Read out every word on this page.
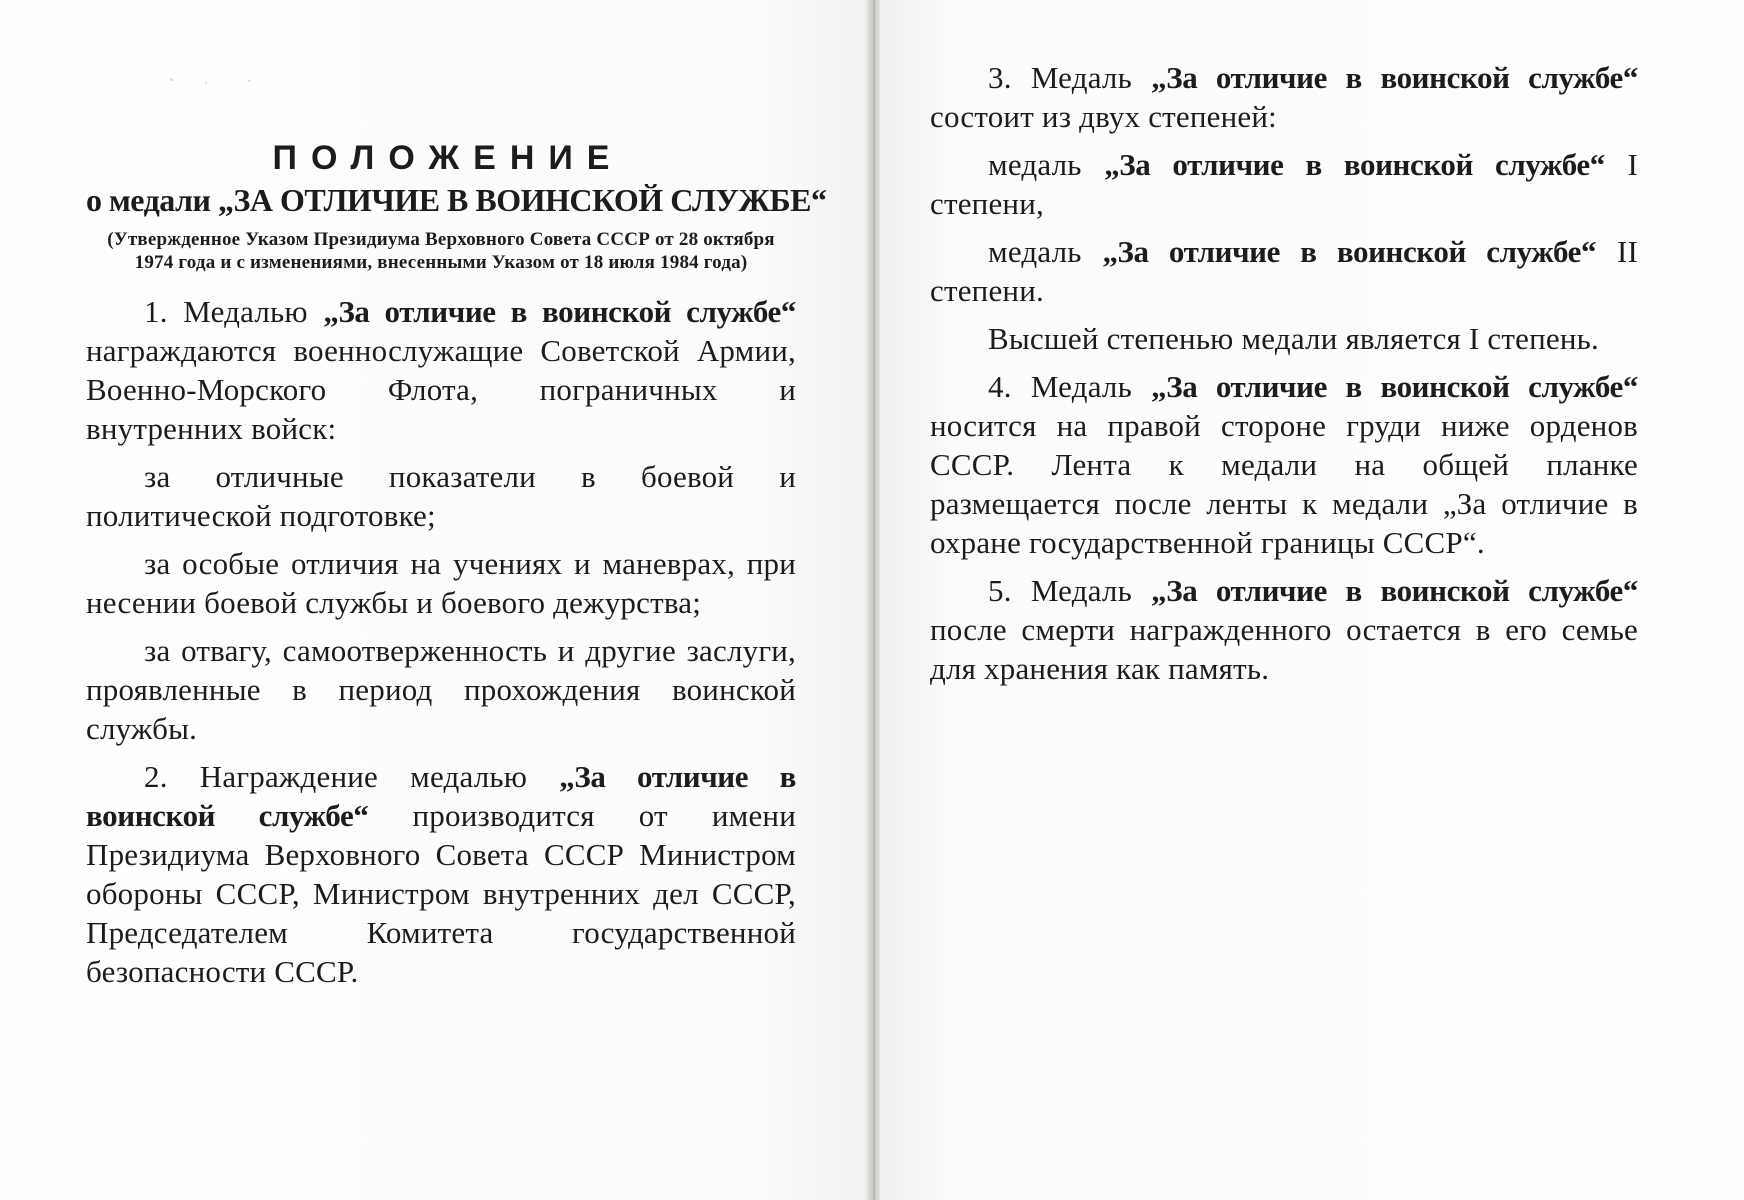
ПОЛОЖЕНИЕ
о медали „ЗА ОТЛИЧИЕ В ВОИНСКОЙ СЛУЖБЕ“
(Утвержденное Указом Президиума Верховного Совета СССР от 28 октября 1974 года и с изменениями, внесенными Указом от 18 июля 1984 года)

1. Медалью „За отличие в воинской службе“ награждаются военнослужащие Советской Армии, Военно-Морского Флота, пограничных и внутренних войск:

за отличные показатели в боевой и политической подготовке;

за особые отличия на учениях и маневрах, при несении боевой службы и боевого дежурства;

за отвагу, самоотверженность и другие заслуги, проявленные в период прохождения воинской службы.

2. Награждение медалью „За отличие в воинской службе“ производится от имени Президиума Верховного Совета СССР Министром обороны СССР, Министром внутренних дел СССР, Председателем Комитета государственной безопасности СССР.

3. Медаль „За отличие в воинской службе“ состоит из двух степеней:

медаль „За отличие в воинской службе“ I степени,

медаль „За отличие в воинской службе“ II степени.

Высшей степенью медали является I степень.

4. Медаль „За отличие в воинской службе“ носится на правой стороне груди ниже орденов СССР. Лента к медали на общей планке размещается после ленты к медали „За отличие в охране государственной границы СССР“.

5. Медаль „За отличие в воинской службе“ после смерти награжденного остается в его семье для хранения как память.
